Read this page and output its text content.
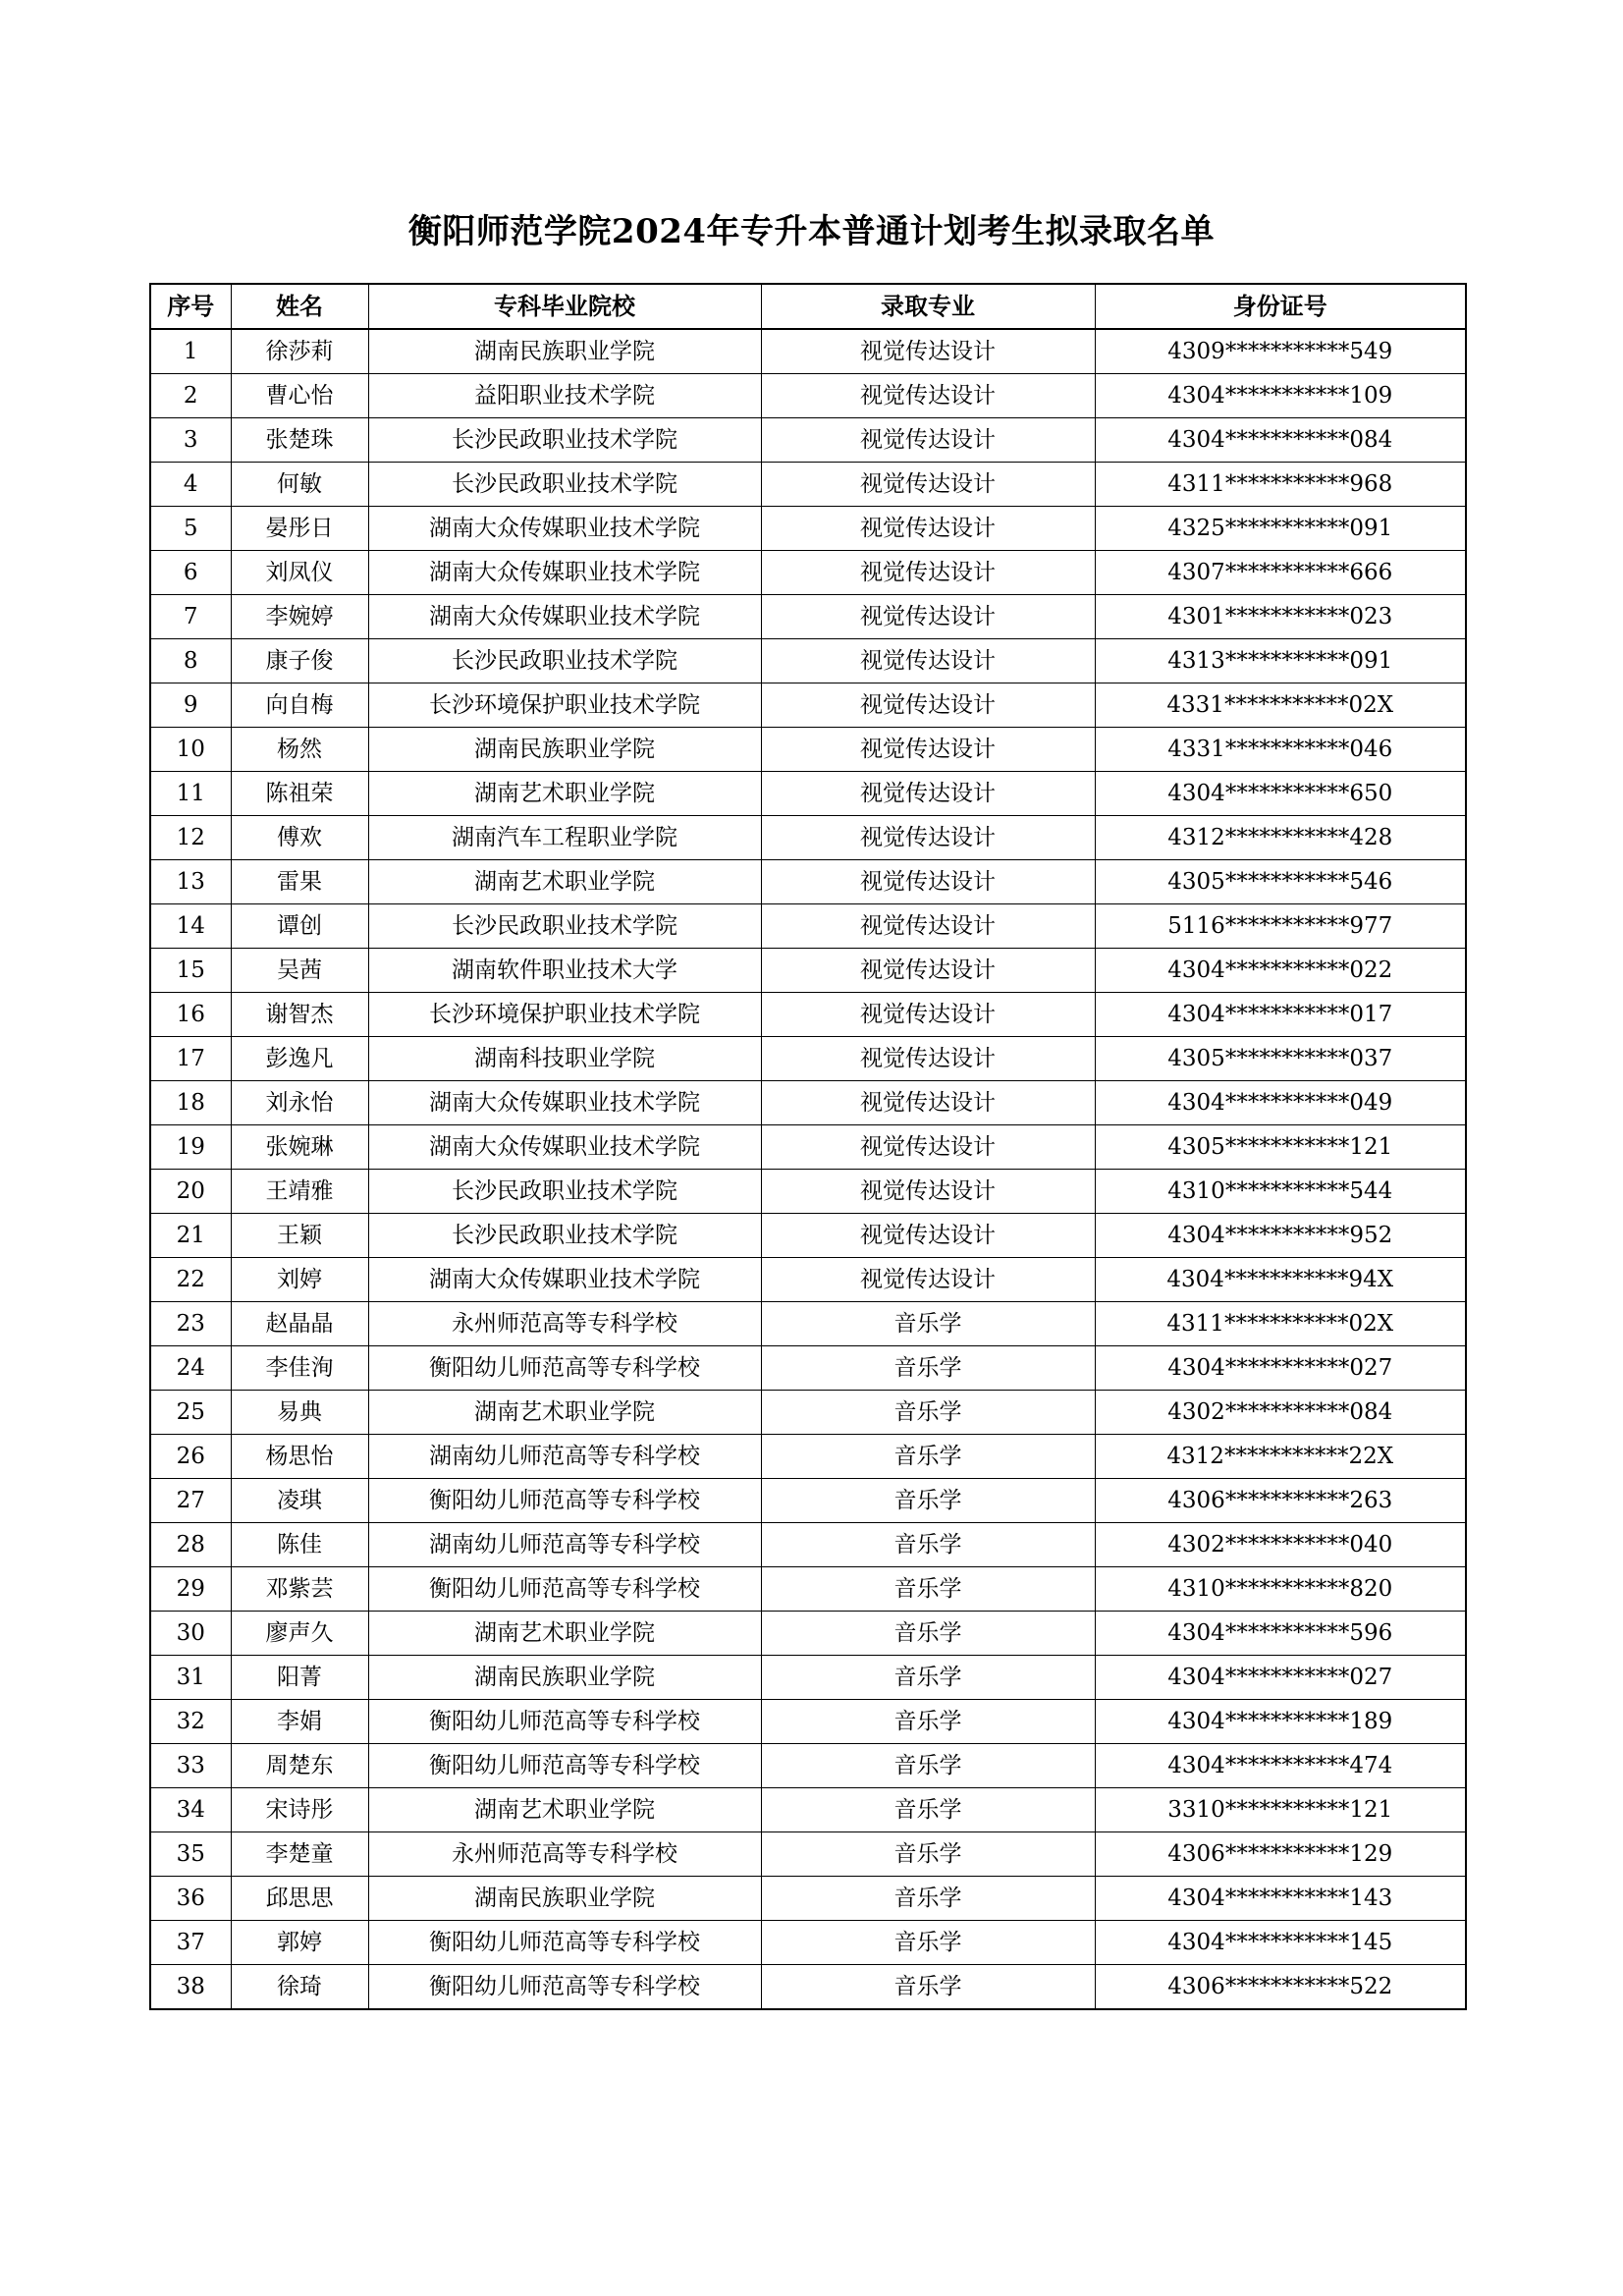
衡阳师范学院2024年专升本普通计划考生拟录取名单
序号	姓名	专科毕业院校	录取专业	身份证号
1	徐莎莉	湖南民族职业学院	视觉传达设计	4309***********549
2	曹心怡	益阳职业技术学院	视觉传达设计	4304***********109
3	张楚珠	长沙民政职业技术学院	视觉传达设计	4304***********084
4	何敏	长沙民政职业技术学院	视觉传达设计	4311***********968
5	晏彤日	湖南大众传媒职业技术学院	视觉传达设计	4325***********091
6	刘凤仪	湖南大众传媒职业技术学院	视觉传达设计	4307***********666
7	李婉婷	湖南大众传媒职业技术学院	视觉传达设计	4301***********023
8	康子俊	长沙民政职业技术学院	视觉传达设计	4313***********091
9	向自梅	长沙环境保护职业技术学院	视觉传达设计	4331***********02X
10	杨然	湖南民族职业学院	视觉传达设计	4331***********046
11	陈祖荣	湖南艺术职业学院	视觉传达设计	4304***********650
12	傅欢	湖南汽车工程职业学院	视觉传达设计	4312***********428
13	雷果	湖南艺术职业学院	视觉传达设计	4305***********546
14	谭创	长沙民政职业技术学院	视觉传达设计	5116***********977
15	吴茜	湖南软件职业技术大学	视觉传达设计	4304***********022
16	谢智杰	长沙环境保护职业技术学院	视觉传达设计	4304***********017
17	彭逸凡	湖南科技职业学院	视觉传达设计	4305***********037
18	刘永怡	湖南大众传媒职业技术学院	视觉传达设计	4304***********049
19	张婉琳	湖南大众传媒职业技术学院	视觉传达设计	4305***********121
20	王靖雅	长沙民政职业技术学院	视觉传达设计	4310***********544
21	王颖	长沙民政职业技术学院	视觉传达设计	4304***********952
22	刘婷	湖南大众传媒职业技术学院	视觉传达设计	4304***********94X
23	赵晶晶	永州师范高等专科学校	音乐学	4311***********02X
24	李佳洵	衡阳幼儿师范高等专科学校	音乐学	4304***********027
25	易典	湖南艺术职业学院	音乐学	4302***********084
26	杨思怡	湖南幼儿师范高等专科学校	音乐学	4312***********22X
27	凌琪	衡阳幼儿师范高等专科学校	音乐学	4306***********263
28	陈佳	湖南幼儿师范高等专科学校	音乐学	4302***********040
29	邓紫芸	衡阳幼儿师范高等专科学校	音乐学	4310***********820
30	廖声久	湖南艺术职业学院	音乐学	4304***********596
31	阳菁	湖南民族职业学院	音乐学	4304***********027
32	李娟	衡阳幼儿师范高等专科学校	音乐学	4304***********189
33	周楚东	衡阳幼儿师范高等专科学校	音乐学	4304***********474
34	宋诗彤	湖南艺术职业学院	音乐学	3310***********121
35	李楚童	永州师范高等专科学校	音乐学	4306***********129
36	邱思思	湖南民族职业学院	音乐学	4304***********143
37	郭婷	衡阳幼儿师范高等专科学校	音乐学	4304***********145
38	徐琦	衡阳幼儿师范高等专科学校	音乐学	4306***********522
